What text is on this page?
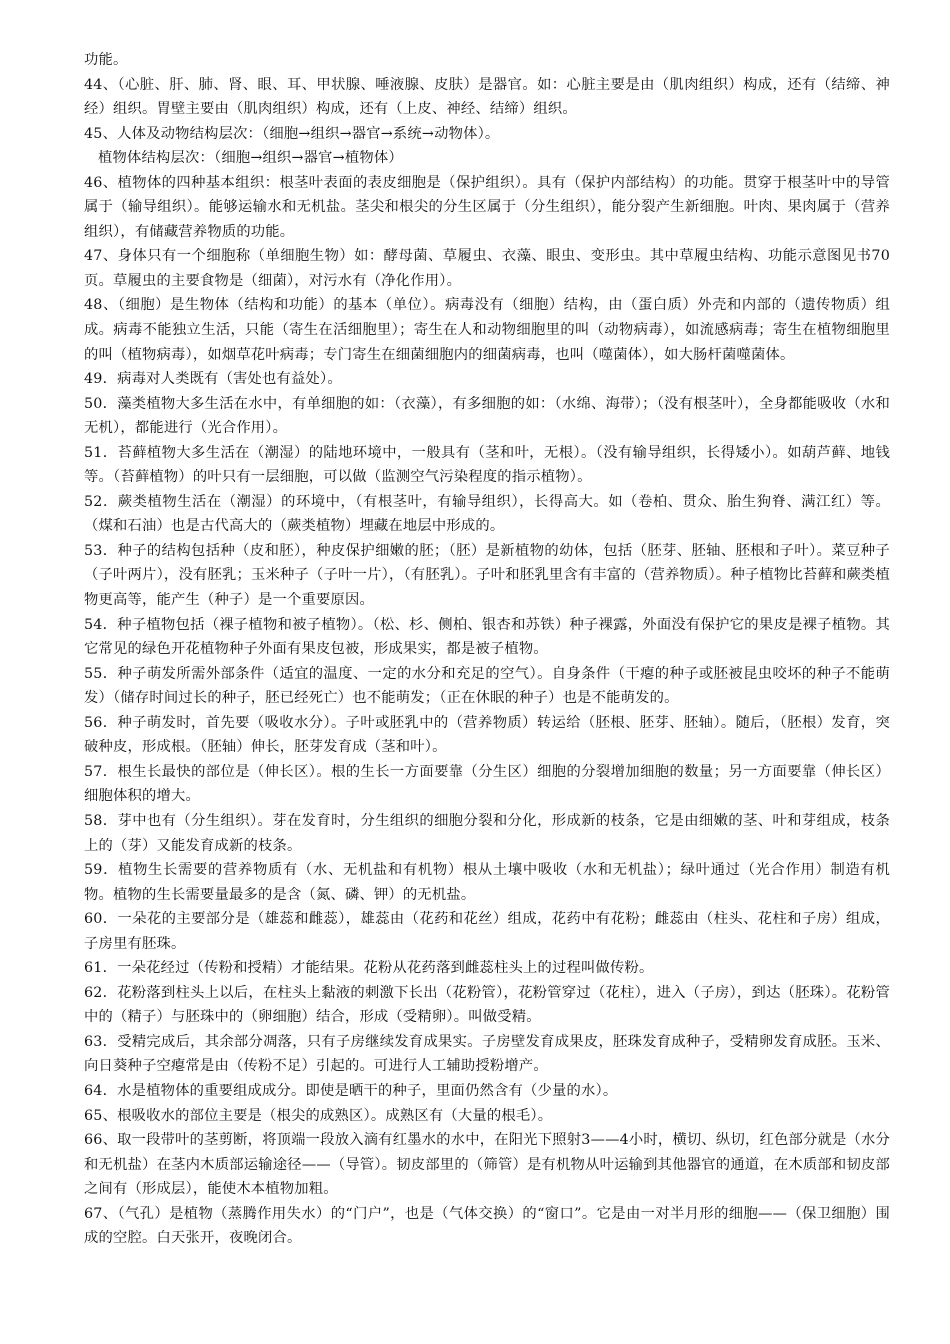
功能。

44、（心脏、肝、肺、肾、眼、耳、甲状腺、唾液腺、皮肤）是器官。如：心脏主要是由（肌肉组织）构成，还有（结缔、神经）组织。胃壁主要由（肌肉组织）构成，还有（上皮、神经、结缔）组织。

45、人体及动物结构层次：（细胞→组织→器官→系统→动物体）。

植物体结构层次：（细胞→组织→器官→植物体）

46、植物体的四种基本组织：根茎叶表面的表皮细胞是（保护组织）。具有（保护内部结构）的功能。贯穿于根茎叶中的导管属于（输导组织）。能够运输水和无机盐。茎尖和根尖的分生区属于（分生组织），能分裂产生新细胞。叶肉、果肉属于（营养组织），有储藏营养物质的功能。

47、身体只有一个细胞称（单细胞生物）如：酵母菌、草履虫、衣藻、眼虫、变形虫。其中草履虫结构、功能示意图见书70页。草履虫的主要食物是（细菌），对污水有（净化作用）。

48、（细胞）是生物体（结构和功能）的基本（单位）。病毒没有（细胞）结构，由（蛋白质）外壳和内部的（遗传物质）组成。病毒不能独立生活，只能（寄生在活细胞里）；寄生在人和动物细胞里的叫（动物病毒），如流感病毒；寄生在植物细胞里的叫（植物病毒），如烟草花叶病毒；专门寄生在细菌细胞内的细菌病毒，也叫（噬菌体），如大肠杆菌噬菌体。

49．病毒对人类既有（害处也有益处）。

50．藻类植物大多生活在水中，有单细胞的如：（衣藻），有多细胞的如：（水绵、海带）；（没有根茎叶），全身都能吸收（水和无机），都能进行（光合作用）。

51．苔藓植物大多生活在（潮湿）的陆地环境中，一般具有（茎和叶，无根）。（没有输导组织，长得矮小）。如葫芦藓、地钱等。（苔藓植物）的叶只有一层细胞，可以做（监测空气污染程度的指示植物）。

52．蕨类植物生活在（潮湿）的环境中，（有根茎叶，有输导组织），长得高大。如（卷柏、贯众、胎生狗脊、满江红）等。（煤和石油）也是古代高大的（蕨类植物）埋藏在地层中形成的。

53．种子的结构包括种（皮和胚），种皮保护细嫩的胚；（胚）是新植物的幼体，包括（胚芽、胚轴、胚根和子叶）。菜豆种子（子叶两片），没有胚乳；玉米种子（子叶一片），（有胚乳）。子叶和胚乳里含有丰富的（营养物质）。种子植物比苔藓和蕨类植物更高等，能产生（种子）是一个重要原因。

54．种子植物包括（裸子植物和被子植物）。（松、杉、侧柏、银杏和苏铁）种子裸露，外面没有保护它的果皮是裸子植物。其它常见的绿色开花植物种子外面有果皮包被，形成果实，都是被子植物。

55．种子萌发所需外部条件（适宜的温度、一定的水分和充足的空气）。自身条件（干瘪的种子或胚被昆虫咬坏的种子不能萌发）（储存时间过长的种子，胚已经死亡）也不能萌发；（正在休眠的种子）也是不能萌发的。

56．种子萌发时，首先要（吸收水分）。子叶或胚乳中的（营养物质）转运给（胚根、胚芽、胚轴）。随后，（胚根）发育，突破种皮，形成根。（胚轴）伸长，胚芽发育成（茎和叶）。

57．根生长最快的部位是（伸长区）。根的生长一方面要靠（分生区）细胞的分裂增加细胞的数量；另一方面要靠（伸长区）细胞体积的增大。

58．芽中也有（分生组织）。芽在发育时，分生组织的细胞分裂和分化，形成新的枝条，它是由细嫩的茎、叶和芽组成，枝条上的（芽）又能发育成新的枝条。

59．植物生长需要的营养物质有（水、无机盐和有机物）根从土壤中吸收（水和无机盐）；绿叶通过（光合作用）制造有机物。植物的生长需要量最多的是含（氮、磷、钾）的无机盐。

60．一朵花的主要部分是（雄蕊和雌蕊），雄蕊由（花药和花丝）组成，花药中有花粉；雌蕊由（柱头、花柱和子房）组成，子房里有胚珠。

61．一朵花经过（传粉和授精）才能结果。花粉从花药落到雌蕊柱头上的过程叫做传粉。

62．花粉落到柱头上以后，在柱头上黏液的刺激下长出（花粉管），花粉管穿过（花柱），进入（子房），到达（胚珠）。花粉管中的（精子）与胚珠中的（卵细胞）结合，形成（受精卵）。叫做受精。

63．受精完成后，其余部分凋落，只有子房继续发育成果实。子房壁发育成果皮，胚珠发育成种子，受精卵发育成胚。玉米、向日葵种子空瘪常是由（传粉不足）引起的。可进行人工辅助授粉增产。

64．水是植物体的重要组成成分。即使是晒干的种子，里面仍然含有（少量的水）。

65、根吸收水的部位主要是（根尖的成熟区）。成熟区有（大量的根毛）。

66、取一段带叶的茎剪断，将顶端一段放入滴有红墨水的水中，在阳光下照射3——4小时，横切、纵切，红色部分就是（水分和无机盐）在茎内木质部运输途径——（导管）。韧皮部里的（筛管）是有机物从叶运输到其他器官的通道，在木质部和韧皮部之间有（形成层），能使木本植物加粗。

67、（气孔）是植物（蒸腾作用失水）的“门户”，也是（气体交换）的“窗口”。它是由一对半月形的细胞——（保卫细胞）围成的空腔。白天张开，夜晚闭合。
